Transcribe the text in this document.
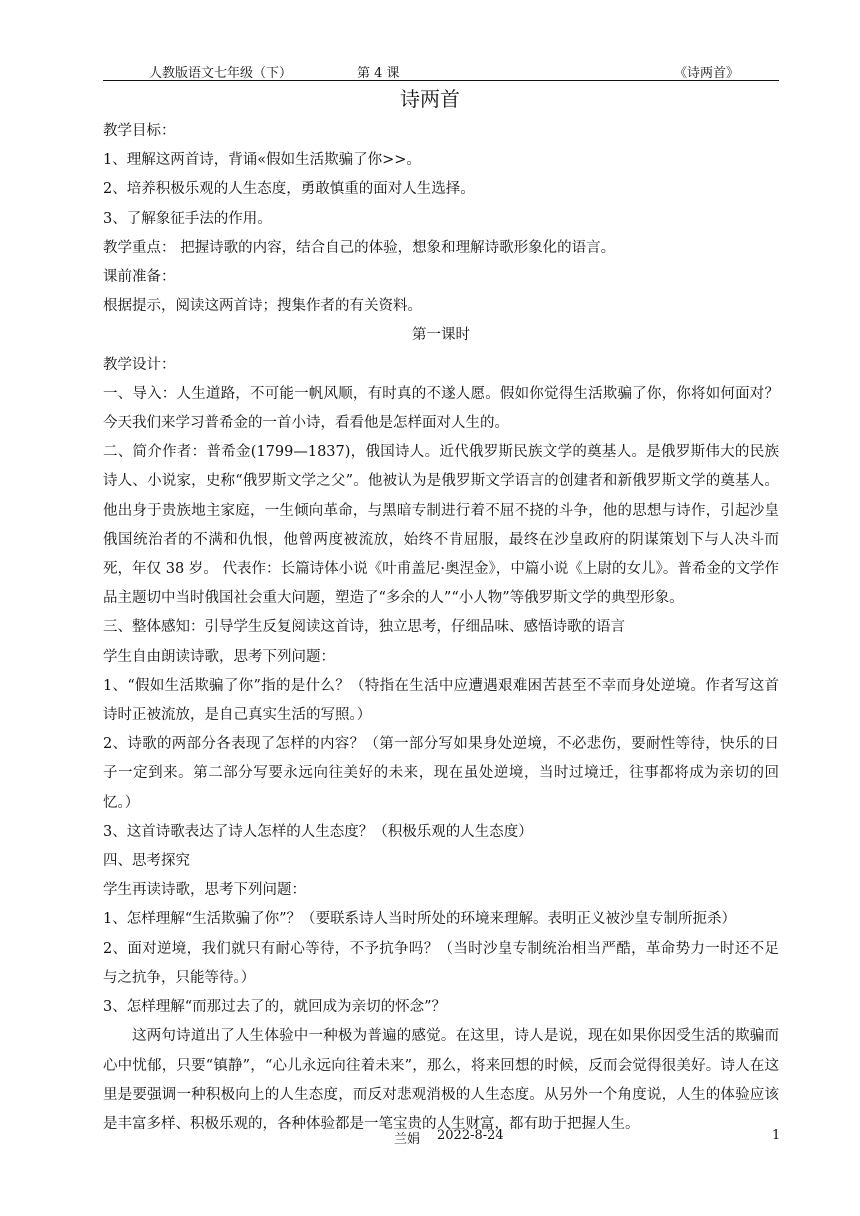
人教版语文七年级（下）	第 4 课	《诗两首》
诗两首

教学目标：

1、理解这两首诗，背诵«假如生活欺骗了你>>。

2、培养积极乐观的人生态度，勇敢慎重的面对人生选择。

3、了解象征手法的作用。

教学重点： 把握诗歌的内容，结合自己的体验，想象和理解诗歌形象化的语言。

课前准备：

根据提示，阅读这两首诗；搜集作者的有关资料。

第一课时

教学设计：

一、导入：人生道路，不可能一帆风顺，有时真的不遂人愿。假如你觉得生活欺骗了你，你将如何面对？今天我们来学习普希金的一首小诗，看看他是怎样面对人生的。

二、简介作者：普希金(1799—1837)，俄国诗人。近代俄罗斯民族文学的奠基人。是俄罗斯伟大的民族诗人、小说家，史称“俄罗斯文学之父”。他被认为是俄罗斯文学语言的创建者和新俄罗斯文学的奠基人。他出身于贵族地主家庭，一生倾向革命，与黑暗专制进行着不屈不挠的斗争，他的思想与诗作，引起沙皇俄国统治者的不满和仇恨，他曾两度被流放，始终不肯屈服，最终在沙皇政府的阴谋策划下与人决斗而死，年仅 38 岁。 代表作：长篇诗体小说《叶甫盖尼·奥涅金》，中篇小说《上尉的女儿》。普希金的文学作品主题切中当时俄国社会重大问题，塑造了“多余的人”“小人物”等俄罗斯文学的典型形象。

三、整体感知：引导学生反复阅读这首诗，独立思考，仔细品味、感悟诗歌的语言

学生自由朗读诗歌，思考下列问题：

1、“假如生活欺骗了你”指的是什么？（特指在生活中应遭遇艰难困苦甚至不幸而身处逆境。作者写这首诗时正被流放，是自己真实生活的写照。）

2、诗歌的两部分各表现了怎样的内容？（第一部分写如果身处逆境，不必悲伤，要耐性等待，快乐的日子一定到来。第二部分写要永远向往美好的未来，现在虽处逆境，当时过境迁，往事都将成为亲切的回忆。）

3、这首诗歌表达了诗人怎样的人生态度？（积极乐观的人生态度）

四、思考探究

学生再读诗歌，思考下列问题：

1、怎样理解“生活欺骗了你”？（要联系诗人当时所处的环境来理解。表明正义被沙皇专制所扼杀）

2、面对逆境，我们就只有耐心等待，不予抗争吗？（当时沙皇专制统治相当严酷，革命势力一时还不足与之抗争，只能等待。）

3、怎样理解“而那过去了的，就回成为亲切的怀念”？

这两句诗道出了人生体验中一种极为普遍的感觉。在这里，诗人是说，现在如果你因受生活的欺骗而心中忧郁，只要“镇静”，“心儿永远向往着未来”，那么，将来回想的时候，反而会觉得很美好。诗人在这里是要强调一种积极向上的人生态度，而反对悲观消极的人生态度。从另外一个角度说，人生的体验应该是丰富多样、积极乐观的，各种体验都是一笔宝贵的人生财富，都有助于把握人生。

兰娟 2022-8-24	1
